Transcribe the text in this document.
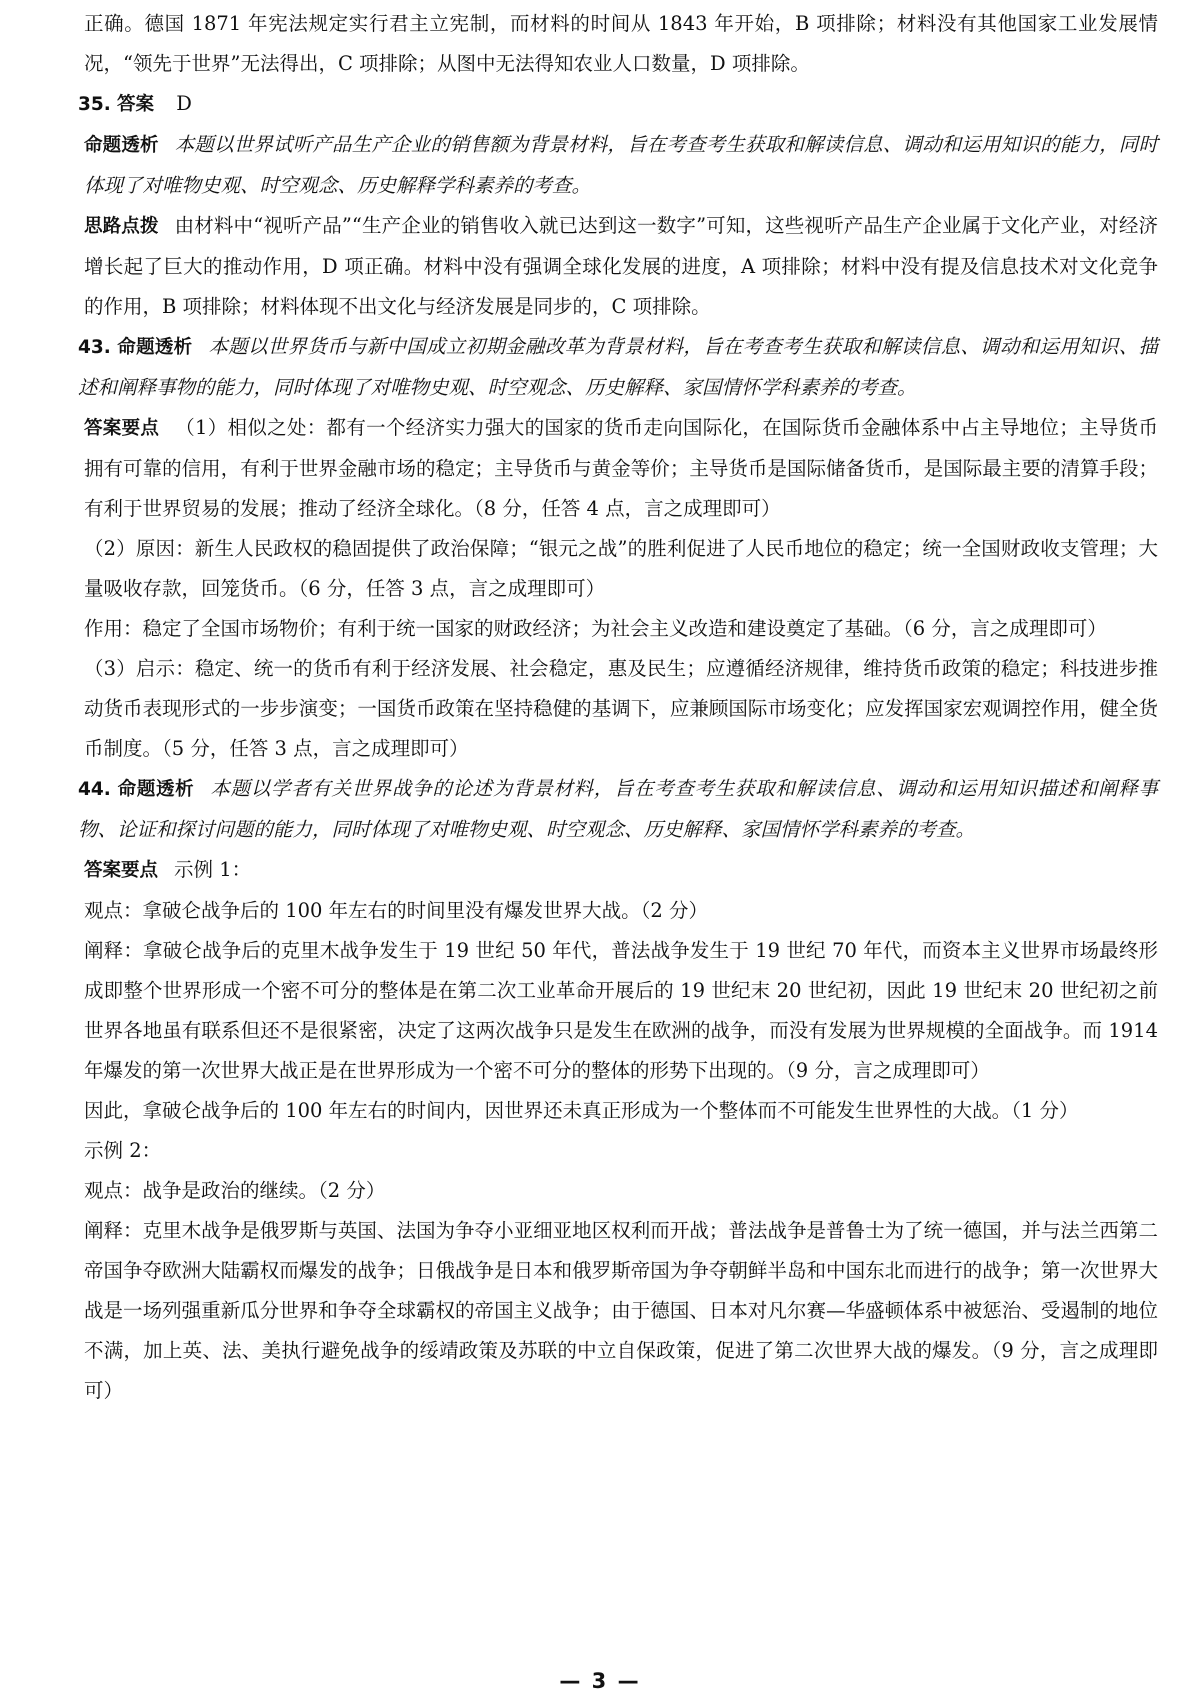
正确。德国 1871 年宪法规定实行君主立宪制，而材料的时间从 1843 年开始，B 项排除；材料没有其他国家工业发展情况，“领先于世界”无法得出，C 项排除；从图中无法得知农业人口数量，D 项排除。

35. 答案 D

命题透析 本题以世界试听产品生产企业的销售额为背景材料，旨在考查考生获取和解读信息、调动和运用知识的能力，同时体现了对唯物史观、时空观念、历史解释学科素养的考查。

思路点拨 由材料中“视听产品”“生产企业的销售收入就已达到这一数字”可知，这些视听产品生产企业属于文化产业，对经济增长起了巨大的推动作用，D 项正确。材料中没有强调全球化发展的进度，A 项排除；材料中没有提及信息技术对文化竞争的作用，B 项排除；材料体现不出文化与经济发展是同步的，C 项排除。

43. 命题透析 本题以世界货币与新中国成立初期金融改革为背景材料，旨在考查考生获取和解读信息、调动和运用知识、描述和阐释事物的能力，同时体现了对唯物史观、时空观念、历史解释、家国情怀学科素养的考查。

答案要点 （1）相似之处：都有一个经济实力强大的国家的货币走向国际化，在国际货币金融体系中占主导地位；主导货币拥有可靠的信用，有利于世界金融市场的稳定；主导货币与黄金等价；主导货币是国际储备货币，是国际最主要的清算手段；有利于世界贸易的发展；推动了经济全球化。（8 分，任答 4 点，言之成理即可）

（2）原因：新生人民政权的稳固提供了政治保障；“银元之战”的胜利促进了人民币地位的稳定；统一全国财政收支管理；大量吸收存款，回笼货币。（6 分，任答 3 点，言之成理即可）

作用：稳定了全国市场物价；有利于统一国家的财政经济；为社会主义改造和建设奠定了基础。（6 分，言之成理即可）

（3）启示：稳定、统一的货币有利于经济发展、社会稳定，惠及民生；应遵循经济规律，维持货币政策的稳定；科技进步推动货币表现形式的一步步演变；一国货币政策在坚持稳健的基调下，应兼顾国际市场变化；应发挥国家宏观调控作用，健全货币制度。（5 分，任答 3 点，言之成理即可）

44. 命题透析 本题以学者有关世界战争的论述为背景材料，旨在考查考生获取和解读信息、调动和运用知识描述和阐释事物、论证和探讨问题的能力，同时体现了对唯物史观、时空观念、历史解释、家国情怀学科素养的考查。

答案要点 示例 1：

观点：拿破仑战争后的 100 年左右的时间里没有爆发世界大战。（2 分）

阐释：拿破仑战争后的克里木战争发生于 19 世纪 50 年代，普法战争发生于 19 世纪 70 年代，而资本主义世界市场最终形成即整个世界形成一个密不可分的整体是在第二次工业革命开展后的 19 世纪末 20 世纪初，因此 19 世纪末 20 世纪初之前世界各地虽有联系但还不是很紧密，决定了这两次战争只是发生在欧洲的战争，而没有发展为世界规模的全面战争。而 1914 年爆发的第一次世界大战正是在世界形成为一个密不可分的整体的形势下出现的。（9 分，言之成理即可）

因此，拿破仑战争后的 100 年左右的时间内，因世界还未真正形成为一个整体而不可能发生世界性的大战。（1 分）

示例 2：

观点：战争是政治的继续。（2 分）

阐释：克里木战争是俄罗斯与英国、法国为争夺小亚细亚地区权利而开战；普法战争是普鲁士为了统一德国，并与法兰西第二帝国争夺欧洲大陆霸权而爆发的战争；日俄战争是日本和俄罗斯帝国为争夺朝鲜半岛和中国东北而进行的战争；第一次世界大战是一场列强重新瓜分世界和争夺全球霸权的帝国主义战争；由于德国、日本对凡尔赛—华盛顿体系中被惩治、受遏制的地位不满，加上英、法、美执行避免战争的绥靖政策及苏联的中立自保政策，促进了第二次世界大战的爆发。（9 分，言之成理即可）

— 3 —
